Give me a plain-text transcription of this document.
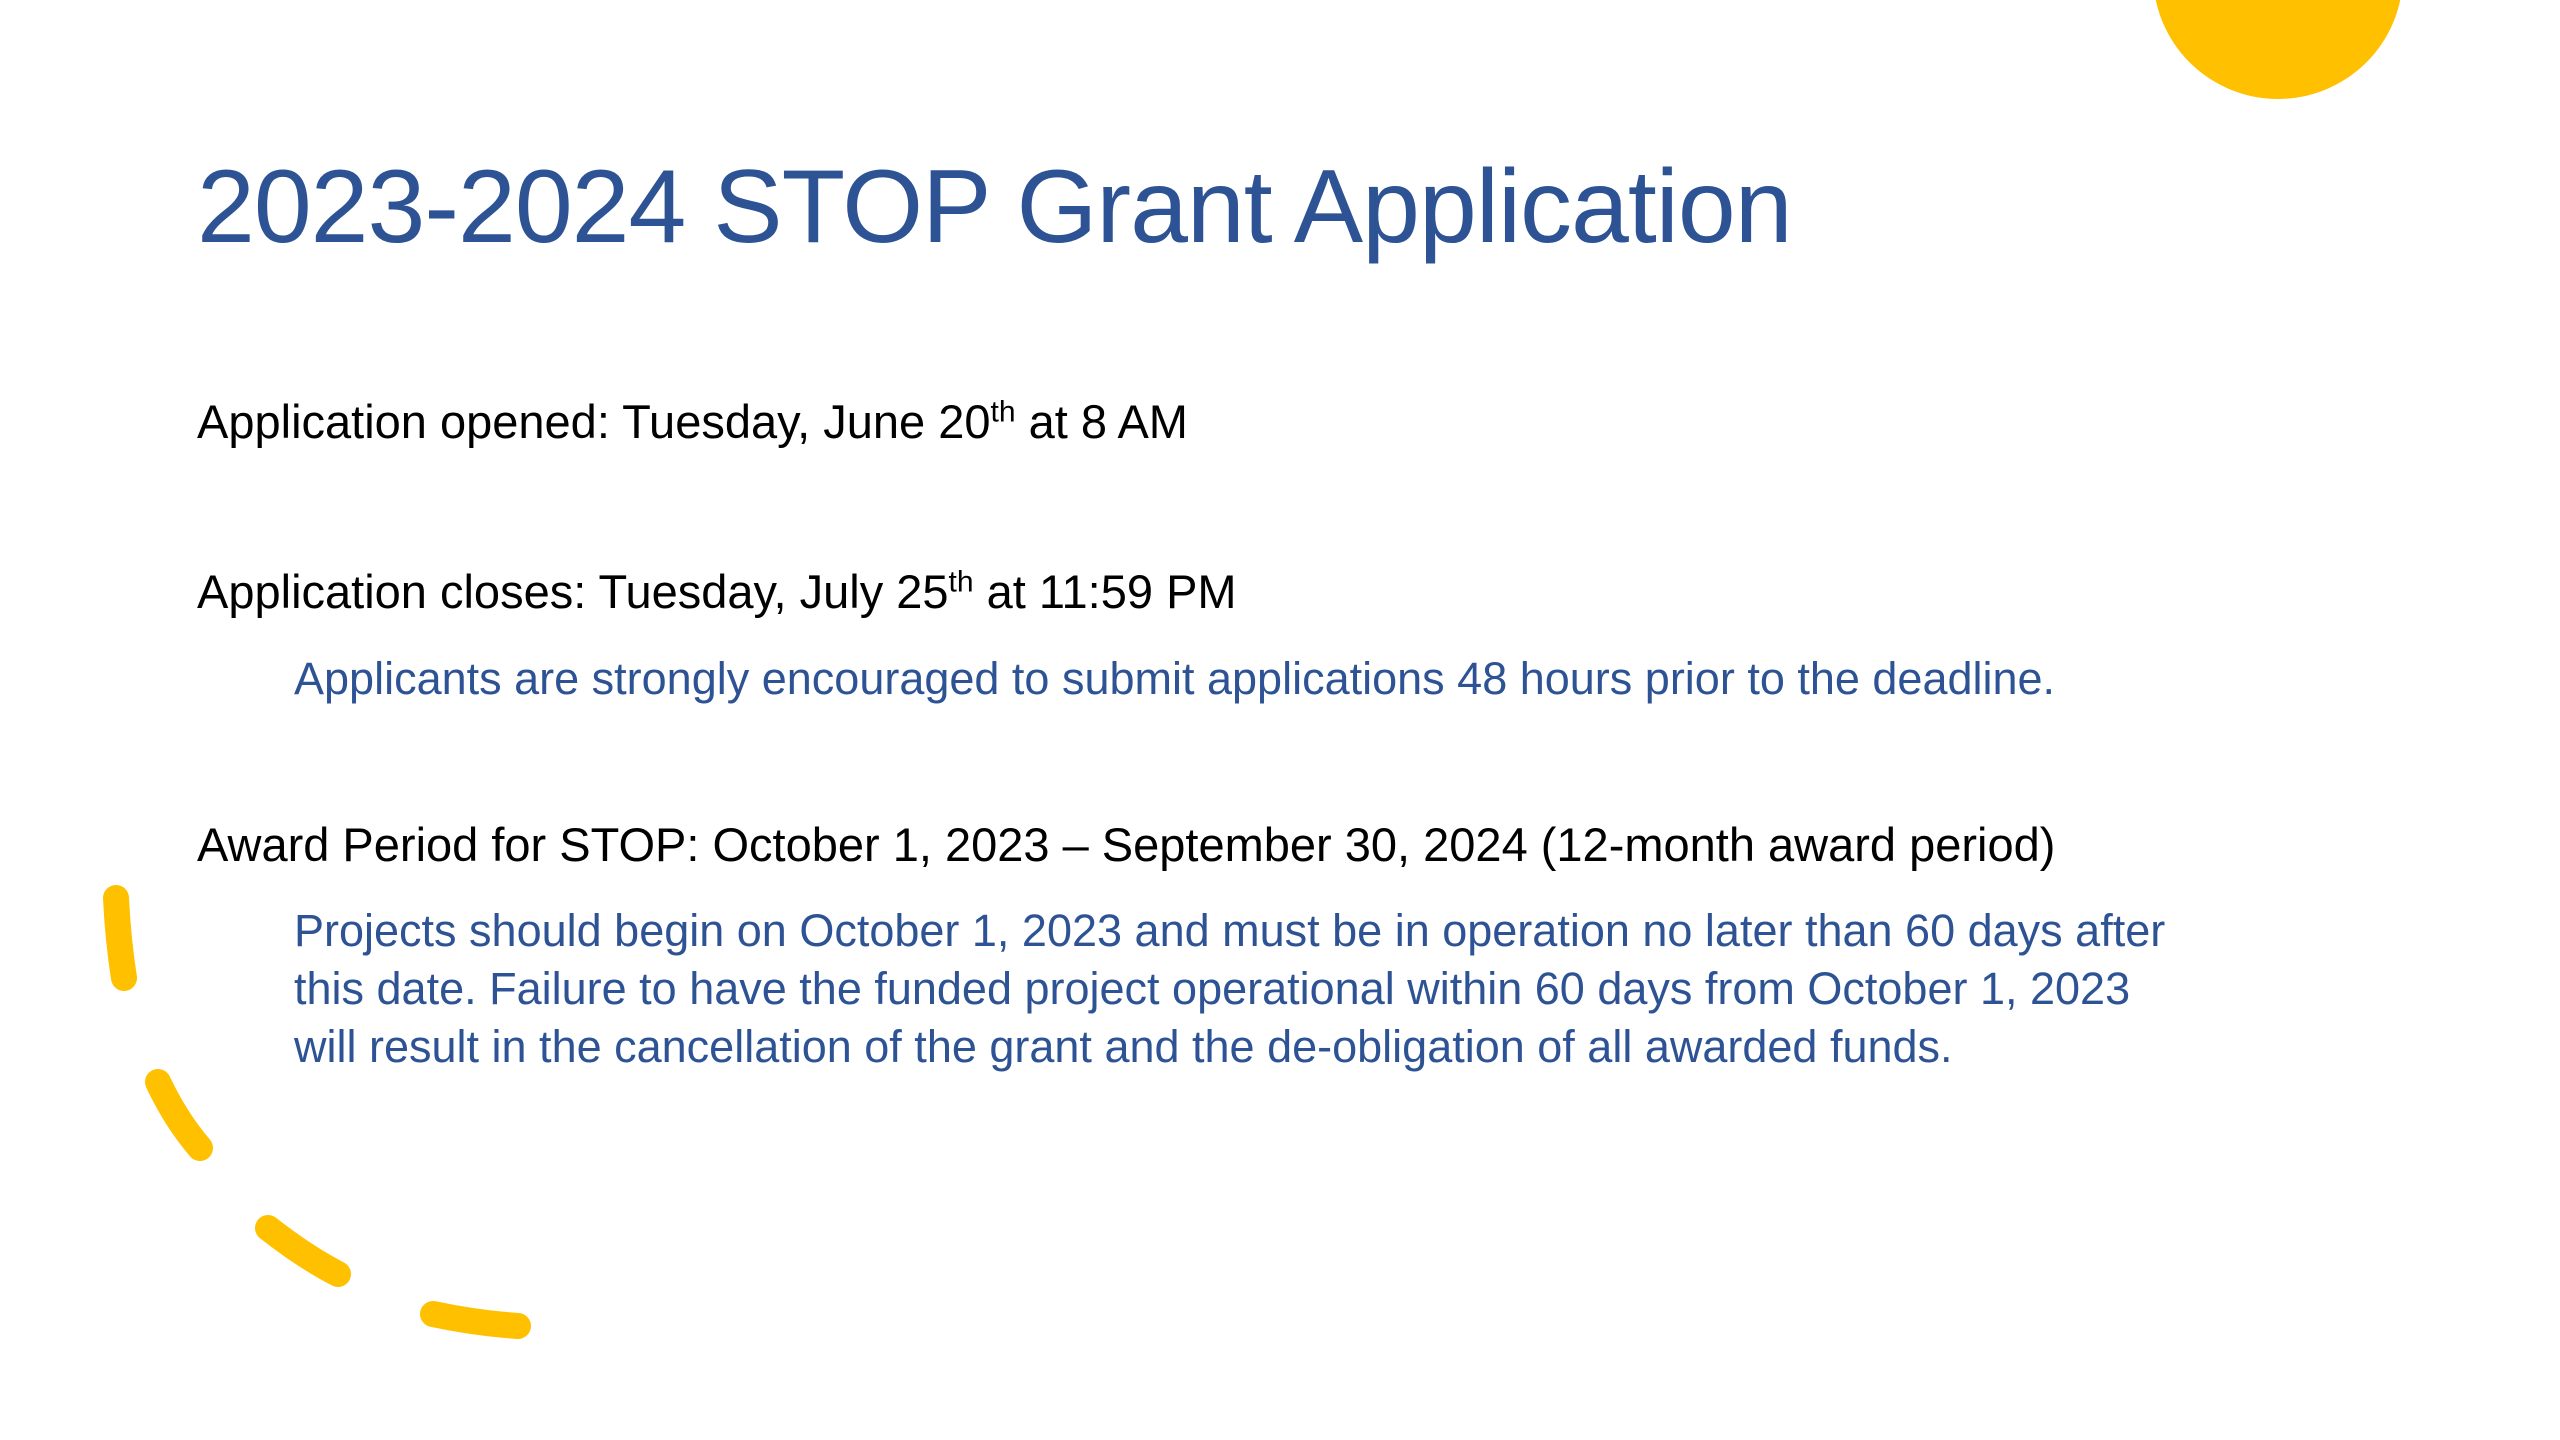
2023-2024 STOP Grant Application
Application opened: Tuesday, June 20th at 8 AM
Application closes: Tuesday, July 25th at 11:59 PM
Applicants are strongly encouraged to submit applications 48 hours prior to the deadline.
Award Period for STOP: October 1, 2023 – September 30, 2024 (12-month award period)
Projects should begin on October 1, 2023 and must be in operation no later than 60 days after
this date. Failure to have the funded project operational within 60 days from October 1, 2023
will result in the cancellation of the grant and the de-obligation of all awarded funds.
